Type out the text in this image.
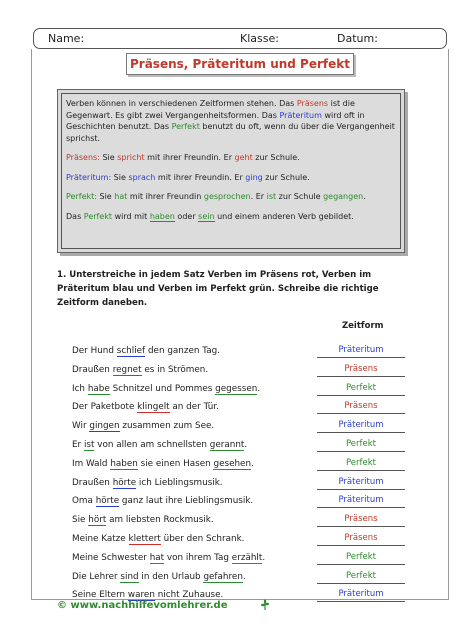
Name:	Klasse:	Datum:
Präsens, Präteritum und Perfekt

Verben können in verschiedenen Zeitformen stehen. Das Präsens ist die Gegenwart. Es gibt zwei Vergangenheitsformen. Das Präteritum wird oft in Geschichten benutzt. Das Perfekt benutzt du oft, wenn du über die Vergangenheit sprichst.

Präsens: Sie spricht mit ihrer Freundin. Er geht zur Schule.

Präteritum: Sie sprach mit ihrer Freundin. Er ging zur Schule.

Perfekt: Sie hat mit ihrer Freundin gesprochen. Er ist zur Schule gegangen.

Das Perfekt wird mit haben oder sein und einem anderen Verb gebildet.

1. Unterstreiche in jedem Satz Verben im Präsens rot, Verben im Präteritum blau und Verben im Perfekt grün. Schreibe die richtige Zeitform daneben.
Zeitform
Der Hund schlief den ganzen Tag.	Präteritum
Draußen regnet es in Strömen.	Präsens
Ich habe Schnitzel und Pommes gegessen.	Perfekt
Der Paketbote klingelt an der Tür.	Präsens
Wir gingen zusammen zum See.	Präteritum
Er ist von allen am schnellsten gerannt.	Perfekt
Im Wald haben sie einen Hasen gesehen.	Perfekt
Draußen hörte ich Lieblingsmusik.	Präteritum
Oma hörte ganz laut ihre Lieblingsmusik.	Präteritum
Sie hört am liebsten Rockmusik.	Präsens
Meine Katze klettert über den Schrank.	Präsens
Meine Schwester hat von ihrem Tag erzählt.	Perfekt
Die Lehrer sind in den Urlaub gefahren.	Perfekt
Seine Eltern waren nicht Zuhause.	Präteritum
© www.nachhilfevomlehrer.de
